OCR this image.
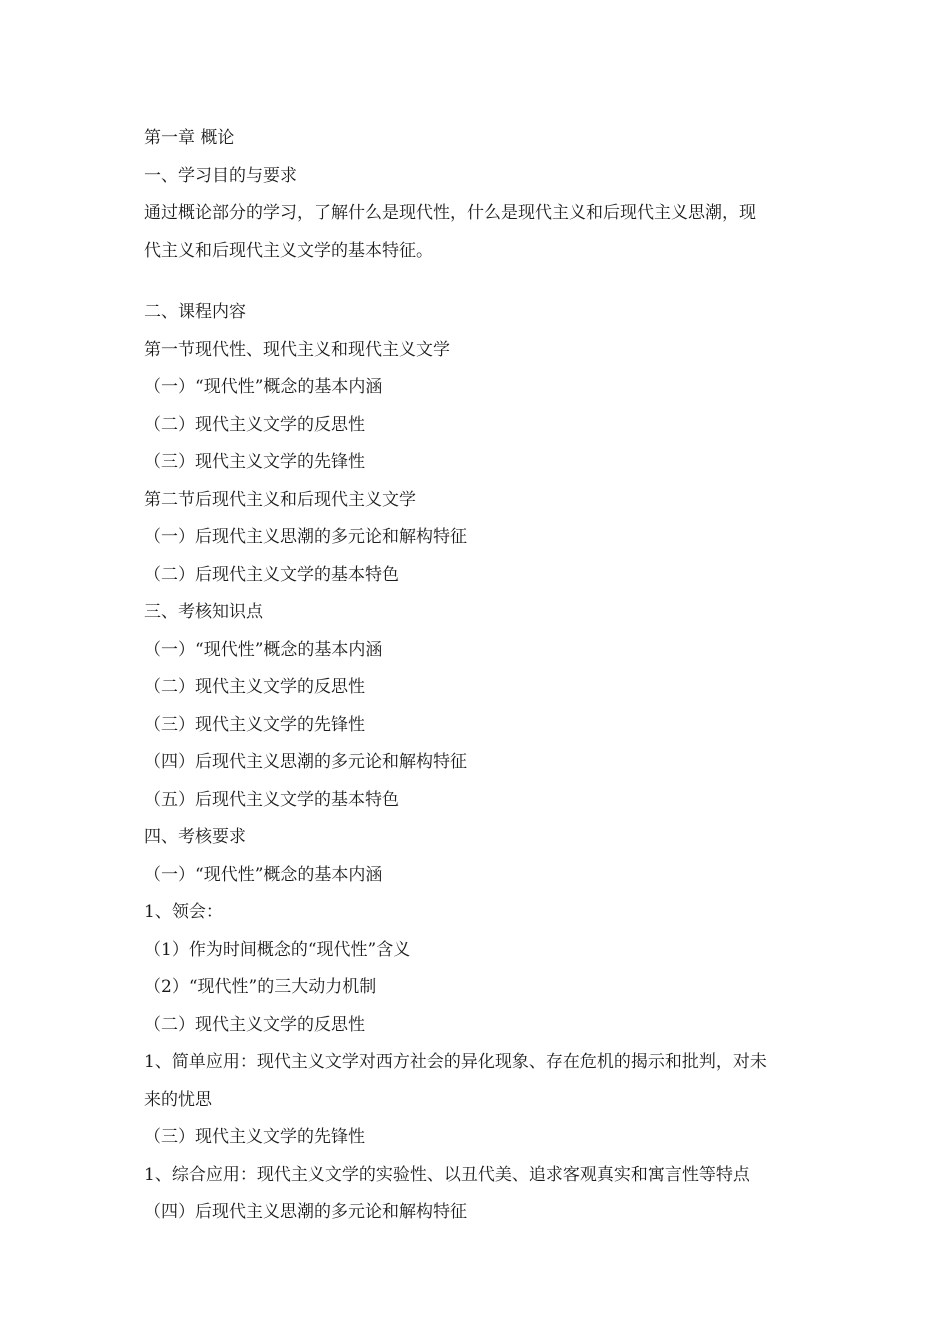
第一章 概论
一、学习目的与要求
通过概论部分的学习，了解什么是现代性，什么是现代主义和后现代主义思潮，现
代主义和后现代主义文学的基本特征。
二、课程内容
第一节现代性、现代主义和现代主义文学
（一）“现代性”概念的基本内涵
（二）现代主义文学的反思性
（三）现代主义文学的先锋性
第二节后现代主义和后现代主义文学
（一）后现代主义思潮的多元论和解构特征
（二）后现代主义文学的基本特色
三、考核知识点
（一）“现代性”概念的基本内涵
（二）现代主义文学的反思性
（三）现代主义文学的先锋性
（四）后现代主义思潮的多元论和解构特征
（五）后现代主义文学的基本特色
四、考核要求
（一）“现代性”概念的基本内涵
1、领会：
（1）作为时间概念的“现代性”含义
（2）“现代性”的三大动力机制
（二）现代主义文学的反思性
1、简单应用：现代主义文学对西方社会的异化现象、存在危机的揭示和批判，对未
来的忧思
（三）现代主义文学的先锋性
1、综合应用：现代主义文学的实验性、以丑代美、追求客观真实和寓言性等特点
（四）后现代主义思潮的多元论和解构特征
